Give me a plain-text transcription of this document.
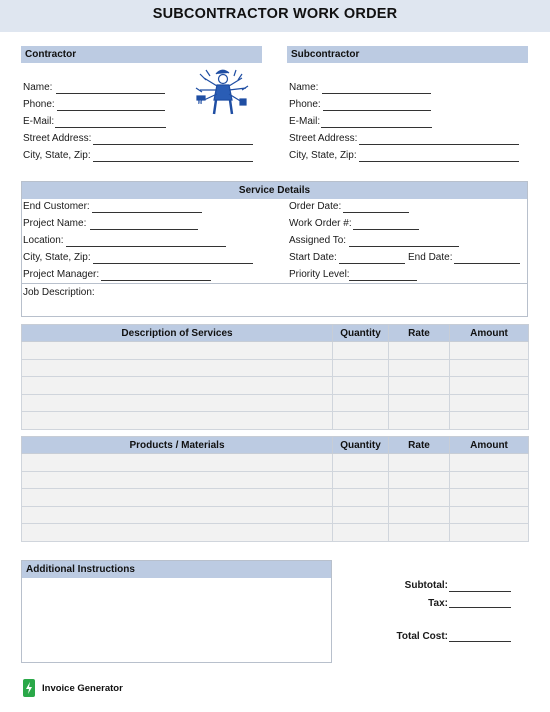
SUBCONTRACTOR WORK ORDER
Contractor
Name:
Phone:
E-Mail:
Street Address:
City, State, Zip:
M
Subcontractor
Name:
Phone:
E-Mail:
Street Address:
City, State, Zip:
Service Details
End Customer:
Project Name:
Location:
City, State, Zip:
Project Manager:
Order Date:
Work Order #:
Assigned To:
Start Date:	End Date:
Priority Level:
Job Description:
Description of Services	Quantity	Rate	Amount

Products / Materials	Quantity	Rate	Amount

Additional Instructions
Subtotal:
Tax:
Total Cost:
Invoice Generator
